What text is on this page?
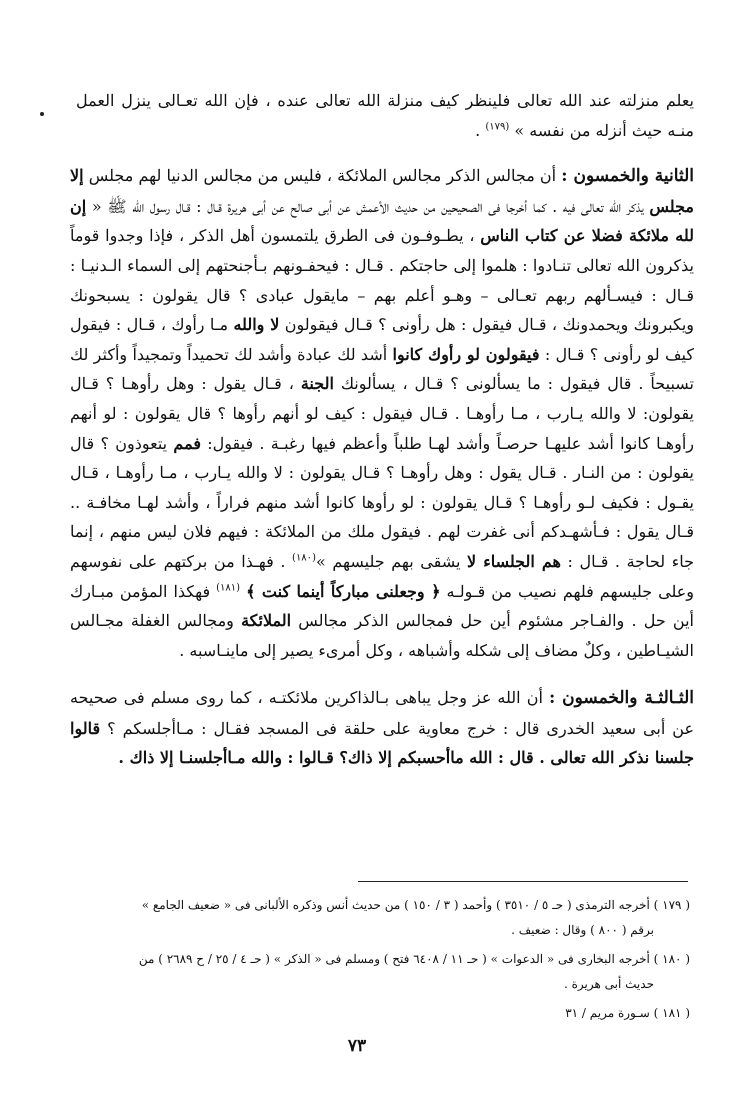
يعلم منزلته عند الله تعالى فلينظر كيف منزلة الله تعالى عنده ، فإن الله تعـالى ينزل العمل منـه حيث أنزله من نفسه » $^{(١٧٩)}$ .

الثانية والخمسون : أن مجالس الذكر مجالس الملائكة ، فليس من مجالس الدنيا لهم مجلس إلا مجلس يذكر الله تعالى فيه . كما أخرجا فى الصحيحين من حديث الأعمش عن أبى صالح عن أبى هريرة قـال : قـال رسول الله ﷺ « إن لله ملائكة فضلا عن كتاب الناس ، يطـوفـون فى الطرق يلتمسون أهل الذكر ، فإذا وجدوا قوماً يذكرون الله تعالى تنـادوا : هلموا إلى حاجتكم . قـال : فيحفـونهم بـأجنحتهم إلى السماء الـدنيـا : قـال : فيسـألهم ربهم تعـالى – وهـو أعلم بهم – مايقول عبادى ؟ قال يقولون : يسبحونك ويكبرونك ويحمدونك ، قـال فيقول : هل رأونى ؟ قـال فيقولون لا والله مـا رأوك ، قـال : فيقول كيف لو رأونى ؟ قـال : فيقولون لو رأوك كانوا أشد لك عبادة وأشد لك تحميداً وتمجيداً وأكثر لك تسبيحاً . قال فيقول : ما يسألونى ؟ قـال ، يسألونك الجنة ، قـال يقول : وهل رأوهـا ؟ قـال يقولون: لا والله يـارب ، مـا رأوهـا . قـال فيقول : كيف لو أنهم رأوها ؟ قال يقولون : لو أنهم رأوهـا كانوا أشد عليهـا حرصـاً وأشد لهـا طلباً وأعظم فيها رغبـة . فيقول: فمم يتعوذون ؟ قال يقولون : من النـار . قـال يقول : وهل رأوهـا ؟ قـال يقولون : لا والله يـارب ، مـا رأوهـا ، قـال يقـول : فكيف لـو رأوهـا ؟ قـال يقولون : لو رأوها كانوا أشد منهم فراراً ، وأشد لهـا مخافـة .. قـال يقول : فـأشهـدكم أنى غفرت لهم . فيقول ملك من الملائكة : فيهم فلان ليس منهم ، إنما جاء لحاجة . قـال : هم الجلساء لا يشقى بهم جليسهم »$^{(١٨٠)}$ . فهـذا من بركتهم على نفوسهم وعلى جليسهم فلهم نصيب من قـولـه ﴿ وجعلنى مباركاً أينما كنت ﴾ $^{(١٨١)}$ فهكذا المؤمن مبـارك أين حل . والفـاجر مشئوم أين حل فمجالس الذكر مجالس الملائكة ومجالس الغفلة مجـالس الشيـاطين ، وكلٌ مضاف إلى شكله وأشباهه ، وكل أمرىء يصير إلى ماينـاسبه .

الثـالثـة والخمسون : أن الله عز وجل يباهى بـالذاكرين ملائكتـه ، كما روى مسلم فى صحيحه عن أبى سعيد الخدرى قال : خرج معاوية على حلقة فى المسجد فقـال : مـاأجلسكم ؟ قالوا جلسنا نذكر الله تعالى . قال : الله ماأحسبكم إلا ذاك؟ قـالوا : والله مـاأجلسنـا إلا ذاك .

( ١٧٩ ) أخرجه الترمذى ( حـ ٥ / ٣٥١٠ ) وأحمد ( ٣ / ١٥٠ ) من حديث أنس وذكره الألبانى فى « ضعيف الجامع »
برقم ( ٨٠٠ ) وقال : ضعيف .

( ١٨٠ ) أخرجه البخارى فى « الدعوات » ( حـ ١١ / ٦٤٠٨ فتح ) ومسلم فى « الذكر » ( حـ ٤ / ٢٥ / ح ٢٦٨٩ ) من
حديث أبى هريرة .

( ١٨١ ) سـورة مريم / ٣١

٧٣
